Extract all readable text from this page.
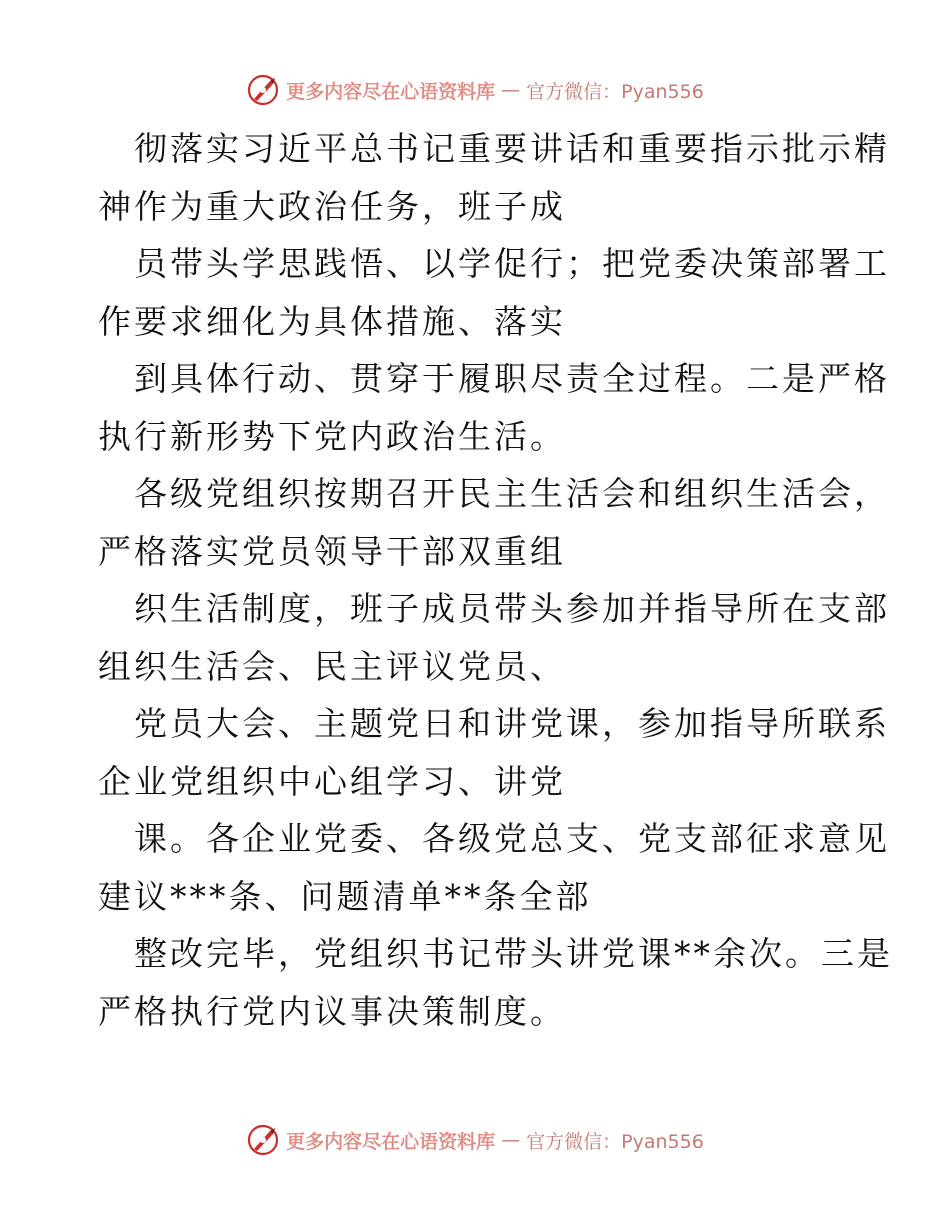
更多内容尽在心语资料库 — 官方微信：Pyan556
彻落实习近平总书记重要讲话和重要指示批示精
神作为重大政治任务，班子成
员带头学思践悟、以学促行；把党委决策部署工
作要求细化为具体措施、落实
到具体行动、贯穿于履职尽责全过程。二是严格
执行新形势下党内政治生活。
各级党组织按期召开民主生活会和组织生活会，
严格落实党员领导干部双重组
织生活制度，班子成员带头参加并指导所在支部
组织生活会、民主评议党员、
党员大会、主题党日和讲党课，参加指导所联系
企业党组织中心组学习、讲党
课。各企业党委、各级党总支、党支部征求意见
建议***条、问题清单**条全部
整改完毕，党组织书记带头讲党课**余次。三是
严格执行党内议事决策制度。
更多内容尽在心语资料库 — 官方微信：Pyan556
